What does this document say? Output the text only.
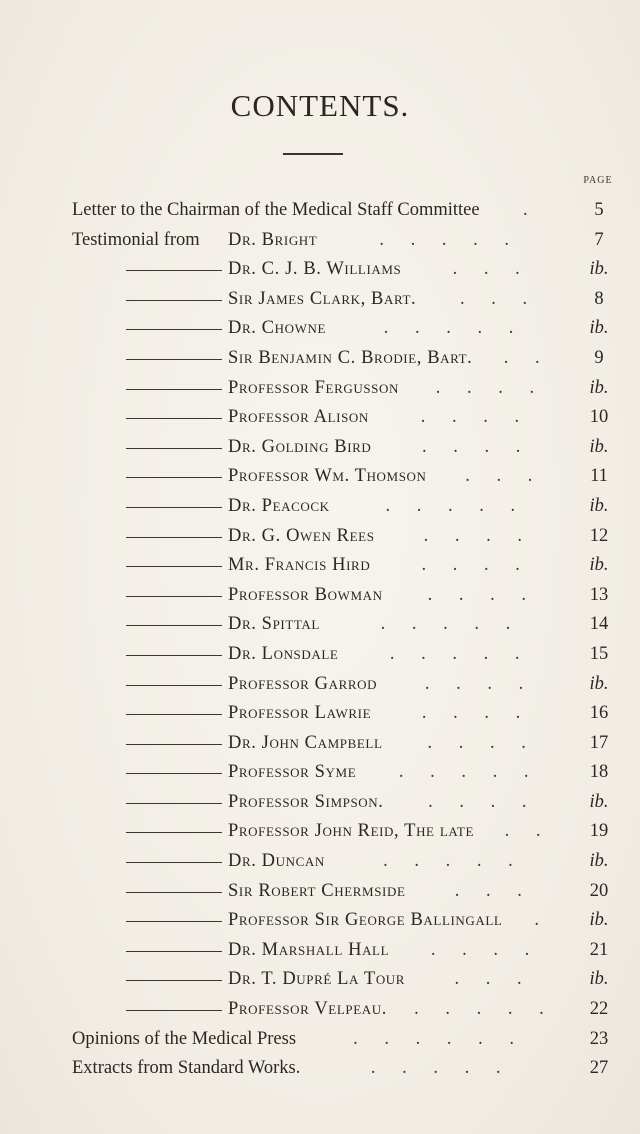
CONTENTS.
PAGE
Letter to the Chairman of the Medical Staff Committee .	5
Testimonial from Dr. Bright	. . . . .	7
Dr. C. J. B. Williams	. . .	ib.
Sir James Clark, Bart. . . .	8
Dr. Chowne	. . . . .	ib.
Sir Benjamin C. Brodie, Bart. . .	9
Professor Fergusson . . . .	ib.
Professor Alison	. . . .	10
Dr. Golding Bird	. . . .	ib.
Professor Wm. Thomson . . .	11
Dr. Peacock	. . . . .	ib.
Dr. G. Owen Rees	. . . .	12
Mr. Francis Hird	. . . .	ib.
Professor Bowman . . . .	13
Dr. Spittal	. . . . .	14
Dr. Lonsdale	. . . . .	15
Professor Garrod	. . . .	ib.
Professor Lawrie	. . . .	16
Dr. John Campbell . . . .	17
Professor Syme . . . . .	18
Professor Simpson. . . . .	ib.
Professor John Reid, The late . .	19
Dr. Duncan	. . . . .	ib.
Sir Robert Chermside	. . .	20
Professor Sir George Ballingall .	ib.
Dr. Marshall Hall . . . .	21
Dr. T. Dupré La Tour	. . .	ib.
Professor Velpeau. . . . . .	22
Opinions of the Medical Press	. . . . . .	23
Extracts from Standard Works.	. . . . .	27
